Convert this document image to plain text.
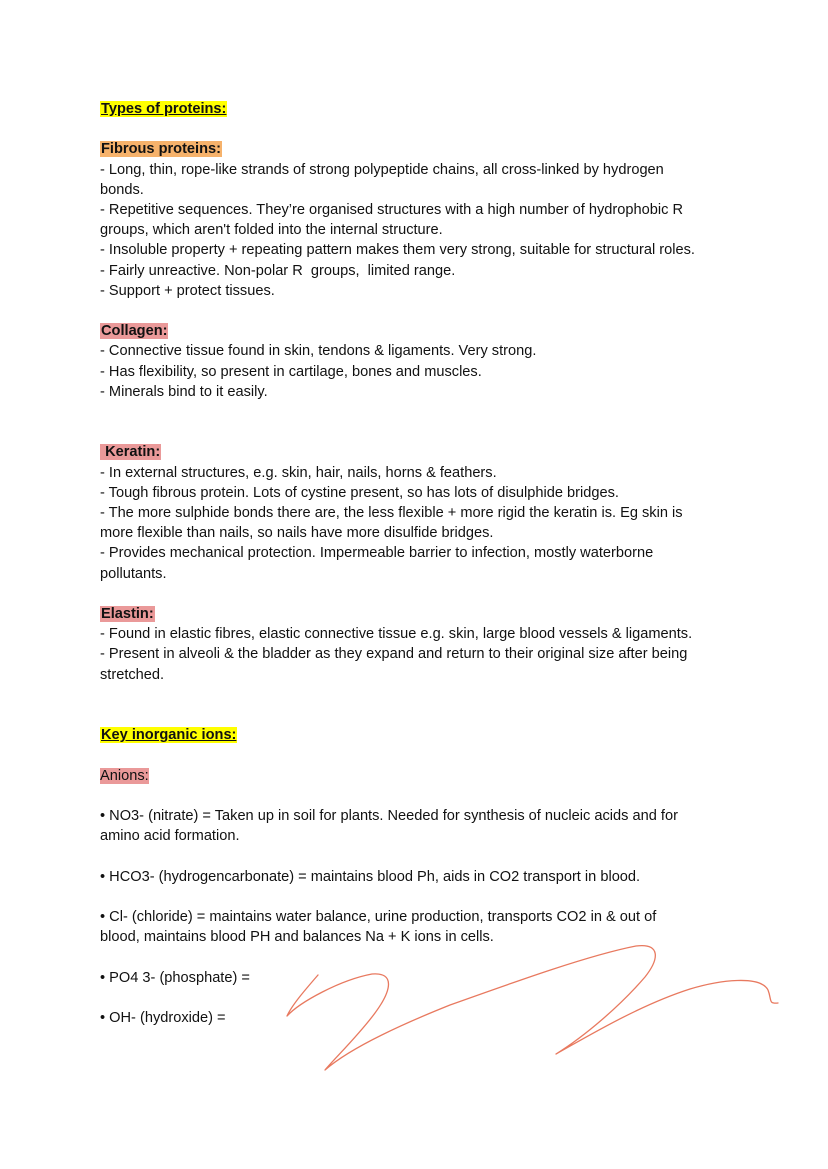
Types of proteins:

Fibrous proteins:

- Long, thin, rope-like strands of strong polypeptide chains, all cross-linked by hydrogen

bonds.

- Repetitive sequences. They’re organised structures with a high number of hydrophobic R

groups, which aren't folded into the internal structure.

- Insoluble property + repeating pattern makes them very strong, suitable for structural roles.

- Fairly unreactive. Non-polar R  groups,  limited range.

- Support + protect tissues.

Collagen:

- Connective tissue found in skin, tendons & ligaments. Very strong.

- Has flexibility, so present in cartilage, bones and muscles.

- Minerals bind to it easily.

Keratin:

- In external structures, e.g. skin, hair, nails, horns & feathers.

- Tough fibrous protein. Lots of cystine present, so has lots of disulphide bridges.

- The more sulphide bonds there are, the less flexible + more rigid the keratin is. Eg skin is

more flexible than nails, so nails have more disulfide bridges.

- Provides mechanical protection. Impermeable barrier to infection, mostly waterborne

pollutants.

Elastin:

- Found in elastic fibres, elastic connective tissue e.g. skin, large blood vessels & ligaments.

- Present in alveoli & the bladder as they expand and return to their original size after being

stretched.

Key inorganic ions:

Anions:

• NO3- (nitrate) = Taken up in soil for plants. Needed for synthesis of nucleic acids and for

amino acid formation.

• HCO3- (hydrogencarbonate) = maintains blood Ph, aids in CO2 transport in blood.

• Cl- (chloride) = maintains water balance, urine production, transports CO2 in & out of

blood, maintains blood PH and balances Na + K ions in cells.

• PO4 3- (phosphate) =

• OH- (hydroxide) =
